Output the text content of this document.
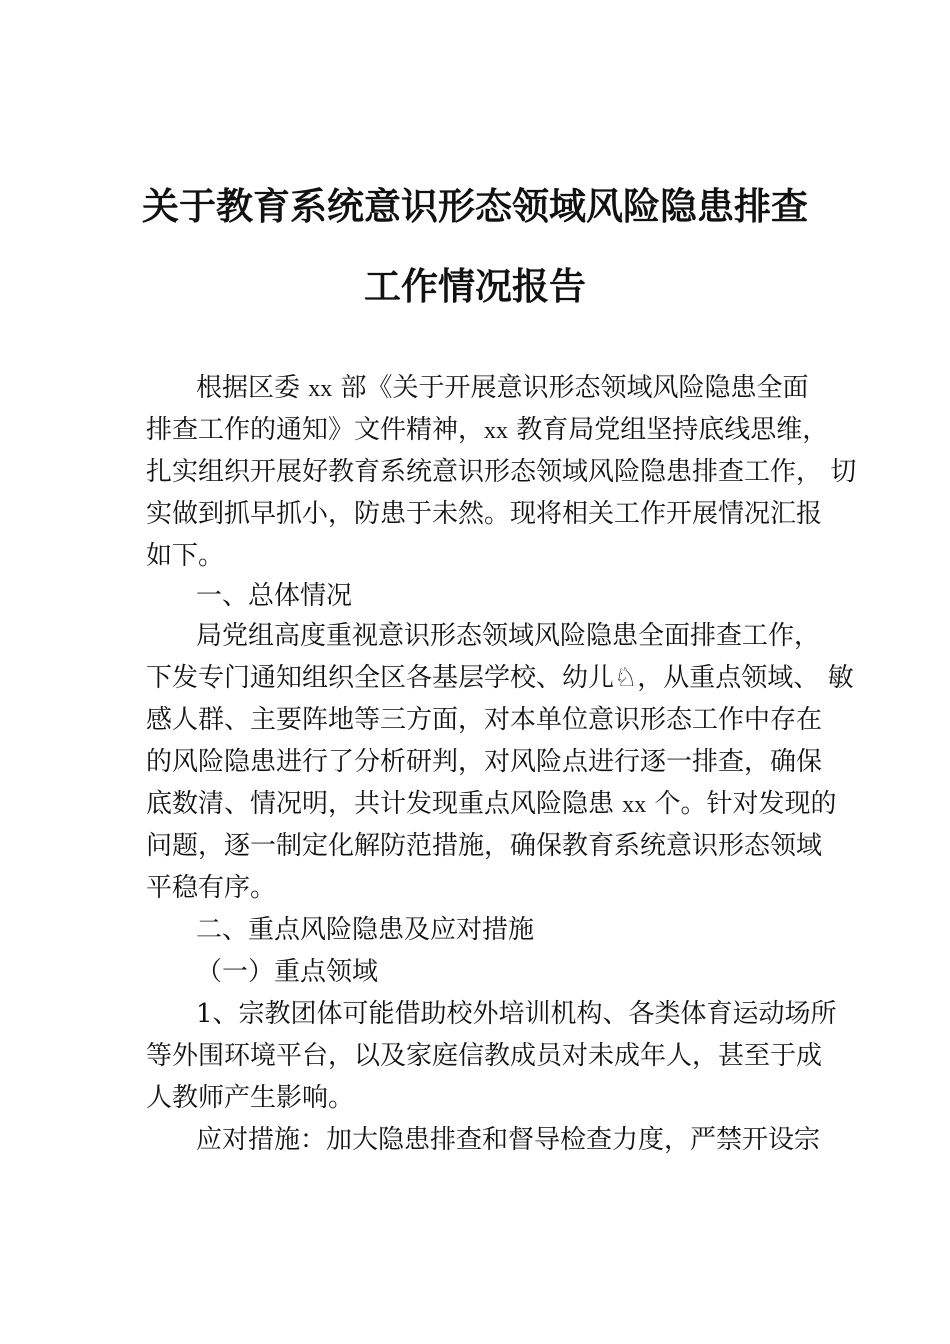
关于教育系统意识形态领域风险隐患排查
工作情况报告
根据区委 xx 部《关于开展意识形态领域风险隐患全面
排查工作的通知》文件精神，xx 教育局党组坚持底线思维，
扎实组织开展好教育系统意识形态领域风险隐患排查工作， 切
实做到抓早抓小，防患于未然。现将相关工作开展情况汇报
如下。
一、总体情况
局党组高度重视意识形态领域风险隐患全面排查工作，
下发专门通知组织全区各基层学校、幼儿♘，从重点领域、 敏
感人群、主要阵地等三方面，对本单位意识形态工作中存在
的风险隐患进行了分析研判，对风险点进行逐一排查，确保
底数清、情况明，共计发现重点风险隐患 xx 个。针对发现的
问题，逐一制定化解防范措施，确保教育系统意识形态领域
平稳有序。
二、重点风险隐患及应对措施
（一）重点领域
1、宗教团体可能借助校外培训机构、各类体育运动场所
等外围环境平台，以及家庭信教成员对未成年人，甚至于成
人教师产生影响。
应对措施：加大隐患排查和督导检查力度，严禁开设宗
